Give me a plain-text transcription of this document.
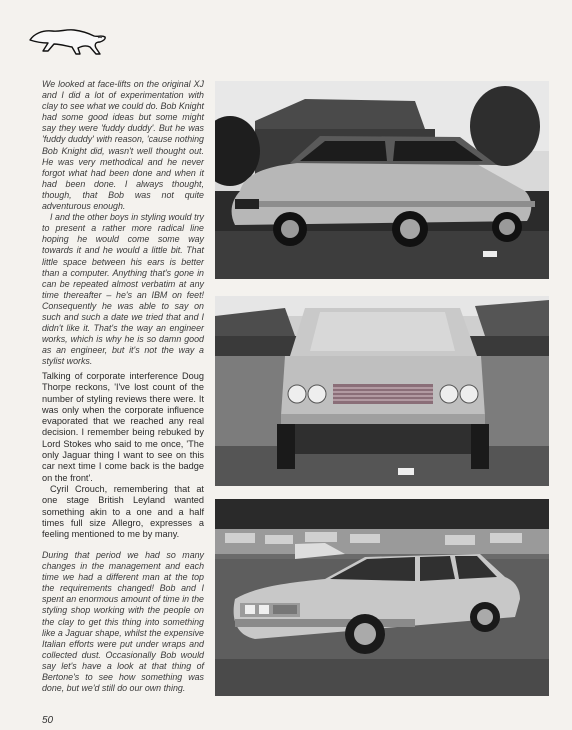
We looked at face-lifts on the original XJ and I did a lot of experimentation with clay to see what we could do. Bob Knight had some good ideas but some might say they were 'fuddy duddy'. But he was 'fuddy duddy' with reason, 'cause nothing Bob Knight did, wasn't well thought out. He was very methodical and he never forgot what had been done and when it had been done. I always thought, though, that Bob was not quite adventurous enough.

I and the other boys in styling would try to present a rather more radical line hoping he would come some way towards it and he would a little bit. That little space between his ears is better than a computer. Anything that's gone in can be repeated almost verbatim at any time thereafter – he's an IBM on feet! Consequently he was able to say on such and such a date we tried that and I didn't like it. That's the way an engineer works, which is why he is so damn good as an engineer, but it's not the way a stylist works.

Talking of corporate interference Doug Thorpe reckons, 'I've lost count of the number of styling reviews there were. It was only when the corporate influence evaporated that we reached any real decision. I remember being rebuked by Lord Stokes who said to me once, 'The only Jaguar thing I want to see on this car next time I come back is the badge on the front'.

Cyril Crouch, remembering that at one stage British Leyland wanted something akin to a one and a half times full size Allegro, expresses a feeling mentioned to me by many.

During that period we had so many changes in the management and each time we had a different man at the top the requirements changed! Bob and I spent an enormous amount of time in the styling shop working with the people on the clay to get this thing into something like a Jaguar shape, whilst the expensive Italian efforts were put under wraps and collected dust. Occasionally Bob would say let's have a look at that thing of Bertone's to see how something was done, but we'd still do our own thing.

50
